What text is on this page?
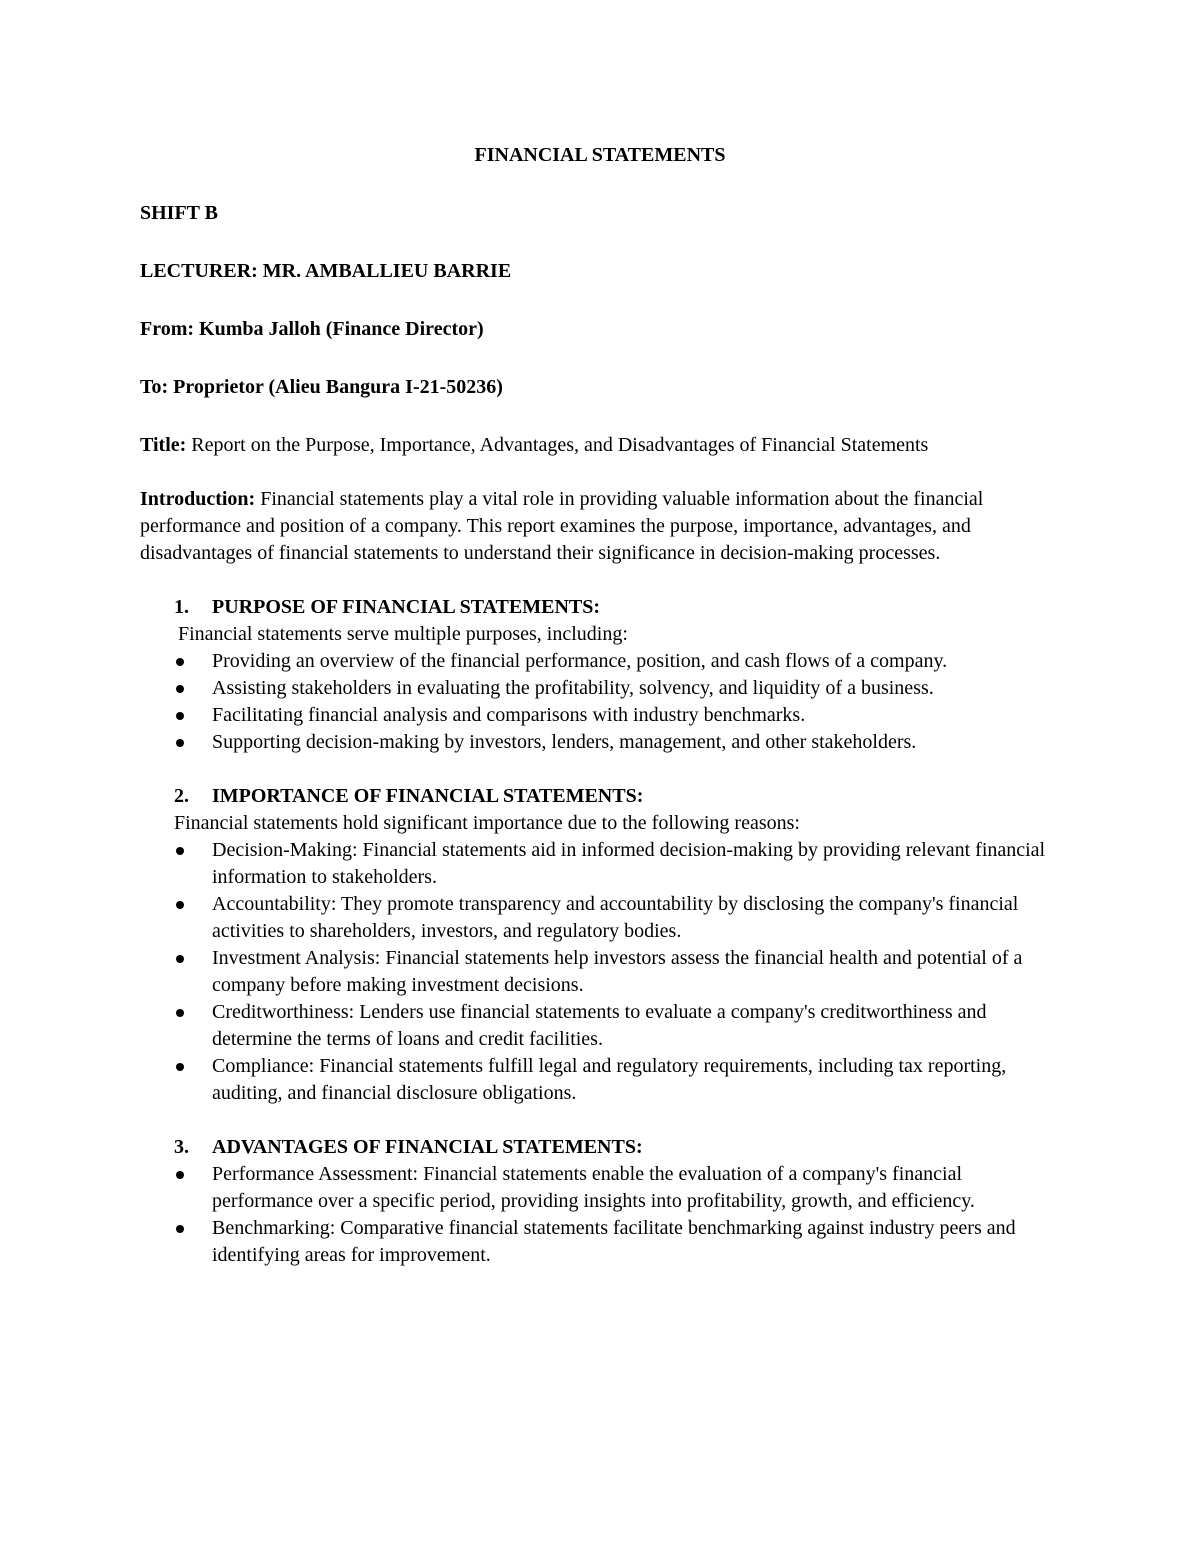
FINANCIAL STATEMENTS
SHIFT B
LECTURER: MR. AMBALLIEU BARRIE
From: Kumba Jalloh (Finance Director)
To: Proprietor (Alieu Bangura I-21-50236)
Title: Report on the Purpose, Importance, Advantages, and Disadvantages of Financial Statements
Introduction: Financial statements play a vital role in providing valuable information about the financial performance and position of a company. This report examines the purpose, importance, advantages, and disadvantages of financial statements to understand their significance in decision-making processes.
1.	PURPOSE OF FINANCIAL STATEMENTS:
Financial statements serve multiple purposes, including:
Providing an overview of the financial performance, position, and cash flows of a company.
Assisting stakeholders in evaluating the profitability, solvency, and liquidity of a business.
Facilitating financial analysis and comparisons with industry benchmarks.
Supporting decision-making by investors, lenders, management, and other stakeholders.
2.	IMPORTANCE OF FINANCIAL STATEMENTS:
Financial statements hold significant importance due to the following reasons:
Decision-Making: Financial statements aid in informed decision-making by providing relevant financial information to stakeholders.
Accountability: They promote transparency and accountability by disclosing the company's financial activities to shareholders, investors, and regulatory bodies.
Investment Analysis: Financial statements help investors assess the financial health and potential of a company before making investment decisions.
Creditworthiness: Lenders use financial statements to evaluate a company's creditworthiness and determine the terms of loans and credit facilities.
Compliance: Financial statements fulfill legal and regulatory requirements, including tax reporting, auditing, and financial disclosure obligations.
3.	ADVANTAGES OF FINANCIAL STATEMENTS:
Performance Assessment: Financial statements enable the evaluation of a company's financial performance over a specific period, providing insights into profitability, growth, and efficiency.
Benchmarking: Comparative financial statements facilitate benchmarking against industry peers and identifying areas for improvement.
